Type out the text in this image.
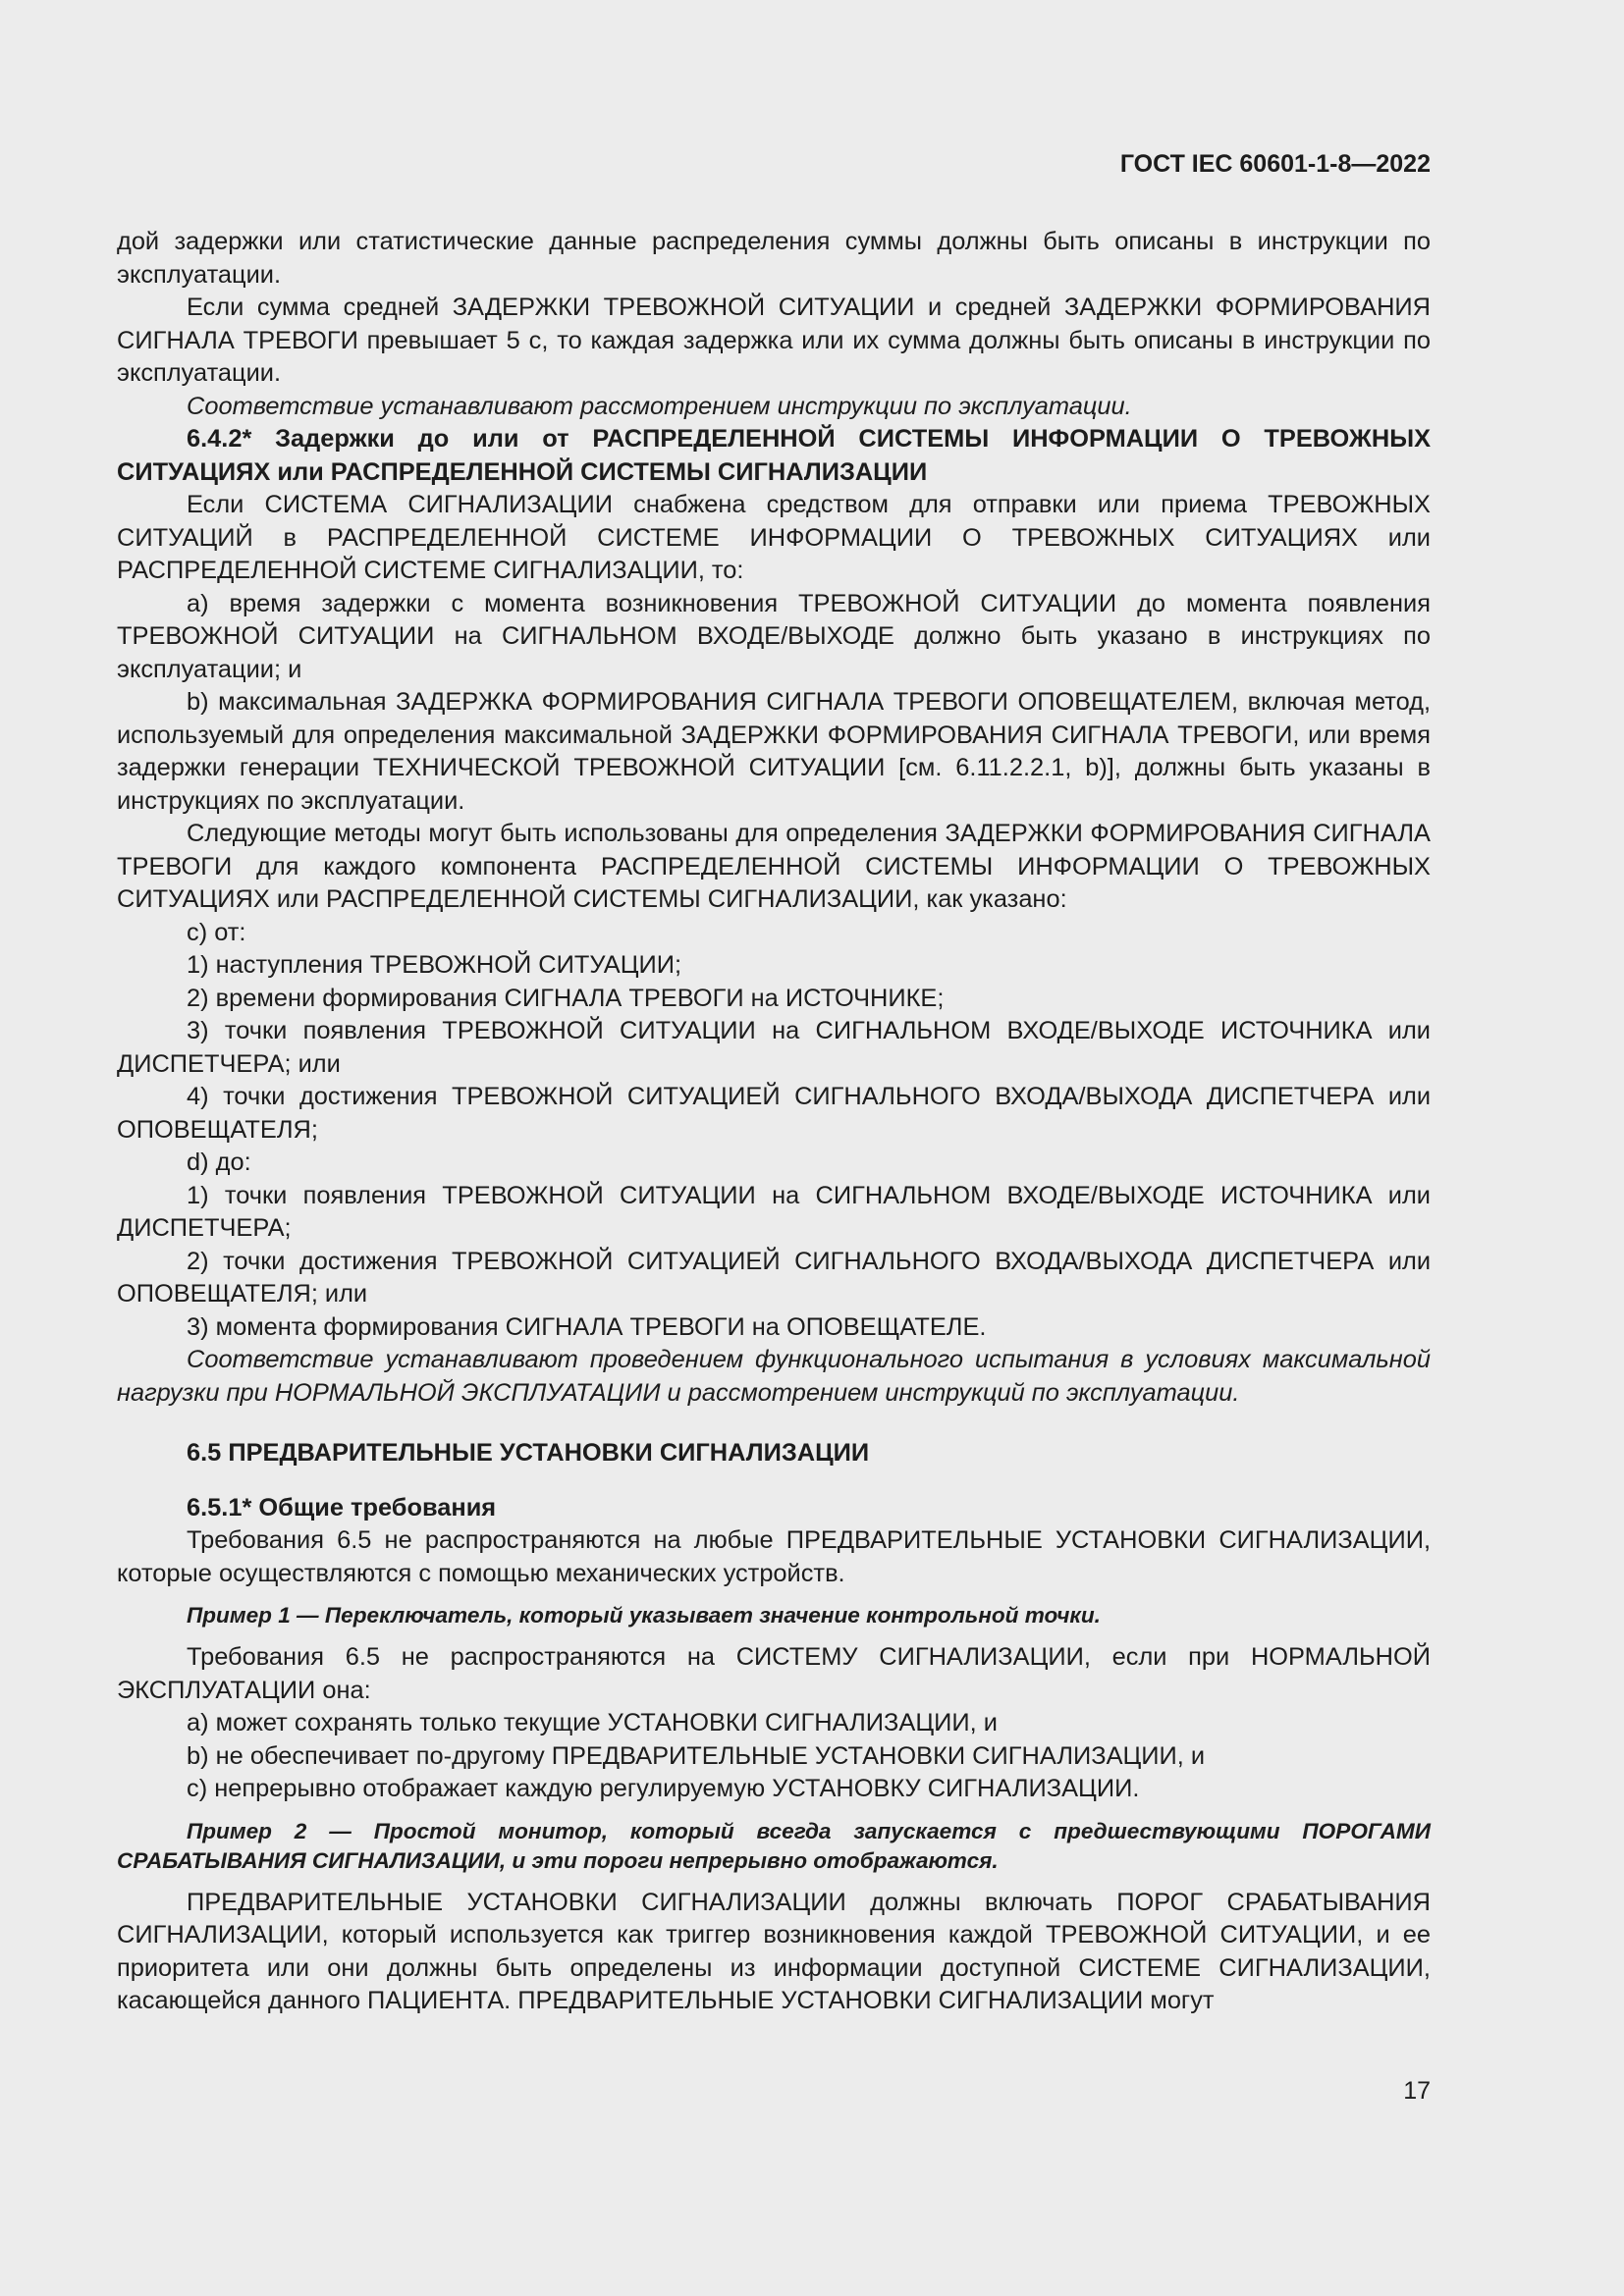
ГОСТ IEC 60601-1-8—2022

дой задержки или статистические данные распределения суммы должны быть описаны в инструкции по эксплуатации.

Если сумма средней ЗАДЕРЖКИ ТРЕВОЖНОЙ СИТУАЦИИ и средней ЗАДЕРЖКИ ФОРМИРОВАНИЯ СИГНАЛА ТРЕВОГИ превышает 5 с, то каждая задержка или их сумма должны быть описаны в инструкции по эксплуатации.

Соответствие устанавливают рассмотрением инструкции по эксплуатации.

6.4.2* Задержки до или от РАСПРЕДЕЛЕННОЙ СИСТЕМЫ ИНФОРМАЦИИ О ТРЕВОЖНЫХ СИТУАЦИЯХ или РАСПРЕДЕЛЕННОЙ СИСТЕМЫ СИГНАЛИЗАЦИИ

Если СИСТЕМА СИГНАЛИЗАЦИИ снабжена средством для отправки или приема ТРЕВОЖНЫХ СИТУАЦИЙ в РАСПРЕДЕЛЕННОЙ СИСТЕМЕ ИНФОРМАЦИИ О ТРЕВОЖНЫХ СИТУАЦИЯХ или РАСПРЕДЕЛЕННОЙ СИСТЕМЕ СИГНАЛИЗАЦИИ, то:

a) время задержки с момента возникновения ТРЕВОЖНОЙ СИТУАЦИИ до момента появления ТРЕВОЖНОЙ СИТУАЦИИ на СИГНАЛЬНОМ ВХОДЕ/ВЫХОДЕ должно быть указано в инструкциях по эксплуатации; и

b) максимальная ЗАДЕРЖКА ФОРМИРОВАНИЯ СИГНАЛА ТРЕВОГИ ОПОВЕЩАТЕЛЕМ, включая метод, используемый для определения максимальной ЗАДЕРЖКИ ФОРМИРОВАНИЯ СИГНАЛА ТРЕВОГИ, или время задержки генерации ТЕХНИЧЕСКОЙ ТРЕВОЖНОЙ СИТУАЦИИ [см. 6.11.2.2.1, b)], должны быть указаны в инструкциях по эксплуатации.

Следующие методы могут быть использованы для определения ЗАДЕРЖКИ ФОРМИРОВАНИЯ СИГНАЛА ТРЕВОГИ для каждого компонента РАСПРЕДЕЛЕННОЙ СИСТЕМЫ ИНФОРМАЦИИ О ТРЕВОЖНЫХ СИТУАЦИЯХ или РАСПРЕДЕЛЕННОЙ СИСТЕМЫ СИГНАЛИЗАЦИИ, как указано:

c) от:

1) наступления ТРЕВОЖНОЙ СИТУАЦИИ;

2) времени формирования СИГНАЛА ТРЕВОГИ на ИСТОЧНИКЕ;

3) точки появления ТРЕВОЖНОЙ СИТУАЦИИ на СИГНАЛЬНОМ ВХОДЕ/ВЫХОДЕ ИСТОЧНИКА или ДИСПЕТЧЕРА; или

4) точки достижения ТРЕВОЖНОЙ СИТУАЦИЕЙ СИГНАЛЬНОГО ВХОДА/ВЫХОДА ДИСПЕТЧЕРА или ОПОВЕЩАТЕЛЯ;

d) до:

1) точки появления ТРЕВОЖНОЙ СИТУАЦИИ на СИГНАЛЬНОМ ВХОДЕ/ВЫХОДЕ ИСТОЧНИКА или ДИСПЕТЧЕРА;

2) точки достижения ТРЕВОЖНОЙ СИТУАЦИЕЙ СИГНАЛЬНОГО ВХОДА/ВЫХОДА ДИСПЕТЧЕРА или ОПОВЕЩАТЕЛЯ; или

3) момента формирования СИГНАЛА ТРЕВОГИ на ОПОВЕЩАТЕЛЕ.

Соответствие устанавливают проведением функционального испытания в условиях максимальной нагрузки при НОРМАЛЬНОЙ ЭКСПЛУАТАЦИИ и рассмотрением инструкций по эксплуатации.

6.5 ПРЕДВАРИТЕЛЬНЫЕ УСТАНОВКИ СИГНАЛИЗАЦИИ

6.5.1* Общие требования

Требования 6.5 не распространяются на любые ПРЕДВАРИТЕЛЬНЫЕ УСТАНОВКИ СИГНАЛИЗАЦИИ, которые осуществляются с помощью механических устройств.

Пример 1 — Переключатель, который указывает значение контрольной точки.

Требования 6.5 не распространяются на СИСТЕМУ СИГНАЛИЗАЦИИ, если при НОРМАЛЬНОЙ ЭКСПЛУАТАЦИИ она:

a) может сохранять только текущие УСТАНОВКИ СИГНАЛИЗАЦИИ, и

b) не обеспечивает по-другому ПРЕДВАРИТЕЛЬНЫЕ УСТАНОВКИ СИГНАЛИЗАЦИИ, и

c) непрерывно отображает каждую регулируемую УСТАНОВКУ СИГНАЛИЗАЦИИ.

Пример 2 — Простой монитор, который всегда запускается с предшествующими ПОРОГАМИ СРАБАТЫВАНИЯ СИГНАЛИЗАЦИИ, и эти пороги непрерывно отображаются.

ПРЕДВАРИТЕЛЬНЫЕ УСТАНОВКИ СИГНАЛИЗАЦИИ должны включать ПОРОГ СРАБАТЫВАНИЯ СИГНАЛИЗАЦИИ, который используется как триггер возникновения каждой ТРЕВОЖНОЙ СИТУАЦИИ, и ее приоритета или они должны быть определены из информации доступной СИСТЕМЕ СИГНАЛИЗАЦИИ, касающейся данного ПАЦИЕНТА. ПРЕДВАРИТЕЛЬНЫЕ УСТАНОВКИ СИГНАЛИЗАЦИИ могут

17
